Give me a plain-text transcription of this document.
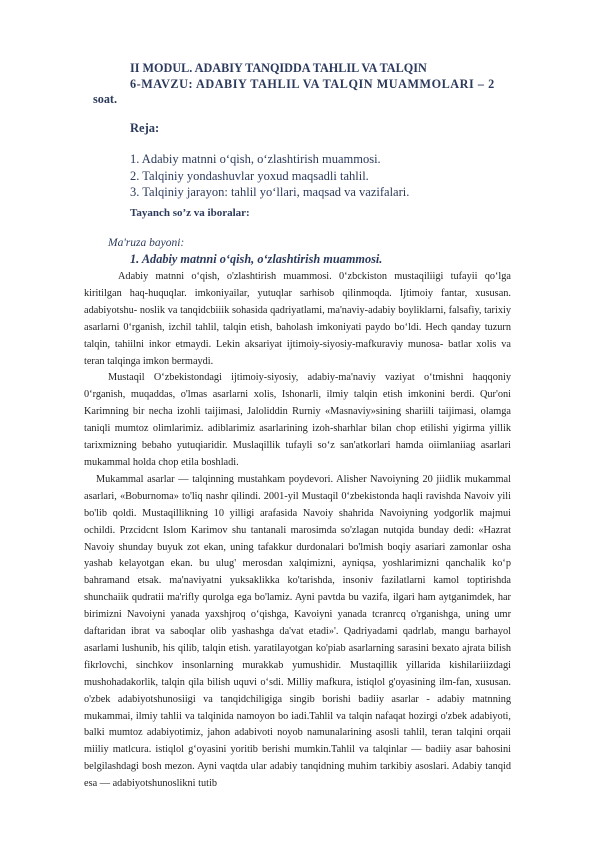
II MODUL. ADABIY TANQIDDA TAHLIL VA TALQIN
6-MAVZU: ADABIY TAHLIL VA TALQIN MUAMMOLARI – 2
soat.
Reja:
1. Adabiy matnni oʻqish, oʻzlashtirish muammosi.
2. Talqiniy yondashuvlar yoxud maqsadli tahlil.
3. Talqiniy jarayon: tahlil yoʻllari, maqsad va vazifalari.
Tayanch soʼz va iboralar:
Ma'ruza bayoni:
1. Adabiy matnni oʻqish, oʻzlashtirish muammosi.

Adabiy matnni oʻqish, o'zlashtirish muammosi. 0ʻzbckiston mustaqiliigi tufayii qoʻlga kiritilgan haq-huquqlar. imkoniyailar, yutuqlar sarhisob qilinmoqda. Ijtimoiy fantar, xususan. adabiyotshu- noslik va tanqidcbiiik sohasida qadriyatlami, ma'naviy-adabiy boyliklarni, falsafiy, tarixiy asarlarni 0ʻrganish, izchil tahlil, talqin etish, baholash imkoniyati paydo boʻldi. Hech qanday tuzurn talqin, tahiilni inkor etmaydi. Lekin aksariyat ijtimoiy-siyosiy-mafkuraviy munosa- batlar xolis va teran talqinga imkon bermaydi.

Mustaqil Oʻzbekistondagi ijtimoiy-siyosiy, adabiy-ma'naviy vaziyat oʻtmishni haqqoniy 0ʻrganish, muqaddas, o'lmas asarlarni xolis, Ishonarli, ilmiy talqin etish imkonini berdi. Qur'oni Karimning bir necha izohli taijimasi, Jaloliddin Rurniy «Masnaviy»sining shariili taijimasi, olamga taniqli mumtoz olimlarimiz. adiblarimiz asarlarining izoh-sharhlar bilan chop etilishi yigirma yillik tarixmizning bebaho yutuqiaridir. Muslaqillik tufayli soʻz san'atkorlari hamda oiimlaniiag asarlari mukammal holda chop etila boshladi.

Mukammal asarlar — talqinning mustahkam poydevori. Alisher Navoiyning 20 jiidlik mukammal asarlari, «Boburnoma» to'liq nashr qilindi. 2001-yil Mustaqil 0ʻzbekistonda haqli ravishda Navoiv yili bo'lib qoldi. Mustaqillikning 10 yilligi arafasida Navoiy shahrida Navoiyning yodgorlik majmui ochildi. Przcidcnt Islom Karimov shu tantanali marosimda so'zlagan nutqida bunday dedi: «Hazrat Navoiy shunday buyuk zot ekan, uning tafakkur durdonalari bo'lmish boqiy asariari zamonlar osha yashab kelayotgan ekan. bu ulug' merosdan xalqimizni, ayniqsa, yoshlarimizni qanchalik koʻp bahramand etsak. ma'naviyatni yuksaklikka ko'tarishda, insoniv fazilatlarni kamol toptirishda shunchaiik qudratii ma'rifly qurolga ega bo'lamiz. Ayni pavtda bu vazifa, ilgari ham aytganimdek, har birimizni Navoiyni yanada yaxshjroq oʻqishga, Kavoiyni yanada tcranrcq o'rganishga, uning umr daftaridan ibrat va saboqlar olib yashashga da'vat etadi»'. Qadriyadami qadrlab, mangu barhayol asarlami lushunib, his qilib, talqin etish. yaratilayotgan ko'piab asarlarning sarasini bexato ajrata bilish fikrlovchi, sinchkov insonlarning murakkab yumushidir. Mustaqillik yillarida kishilariiizdagi mushohadakorlik, talqin qila bilish uquvi oʻsdi. Milliy mafkura, istiqlol g'oyasining ilm-fan, xususan. o'zbek adabiyotshunosiigi va tanqidchiligiga singib borishi badiiy asarlar - adabiy matnning mukammai, ilmiy tahlii va talqinida namoyon bo iadi.Tahlil va talqin nafaqat hozirgi o'zbek adabiyoti, balki mumtoz adabiyotimiz, jahon adabivoti noyob namunalarining asosli tahlil, teran talqini orqaii miiliy matlcura. istiqlol gʻoyasini yoritib berishi mumkin.Tahlil va talqinlar — badiiy asar bahosini belgilashdagi bosh mezon. Ayni vaqtda ular adabiy tanqidning muhim tarkibiy asoslari. Adabiy tanqid esa — adabiyotshunoslikni tutib
